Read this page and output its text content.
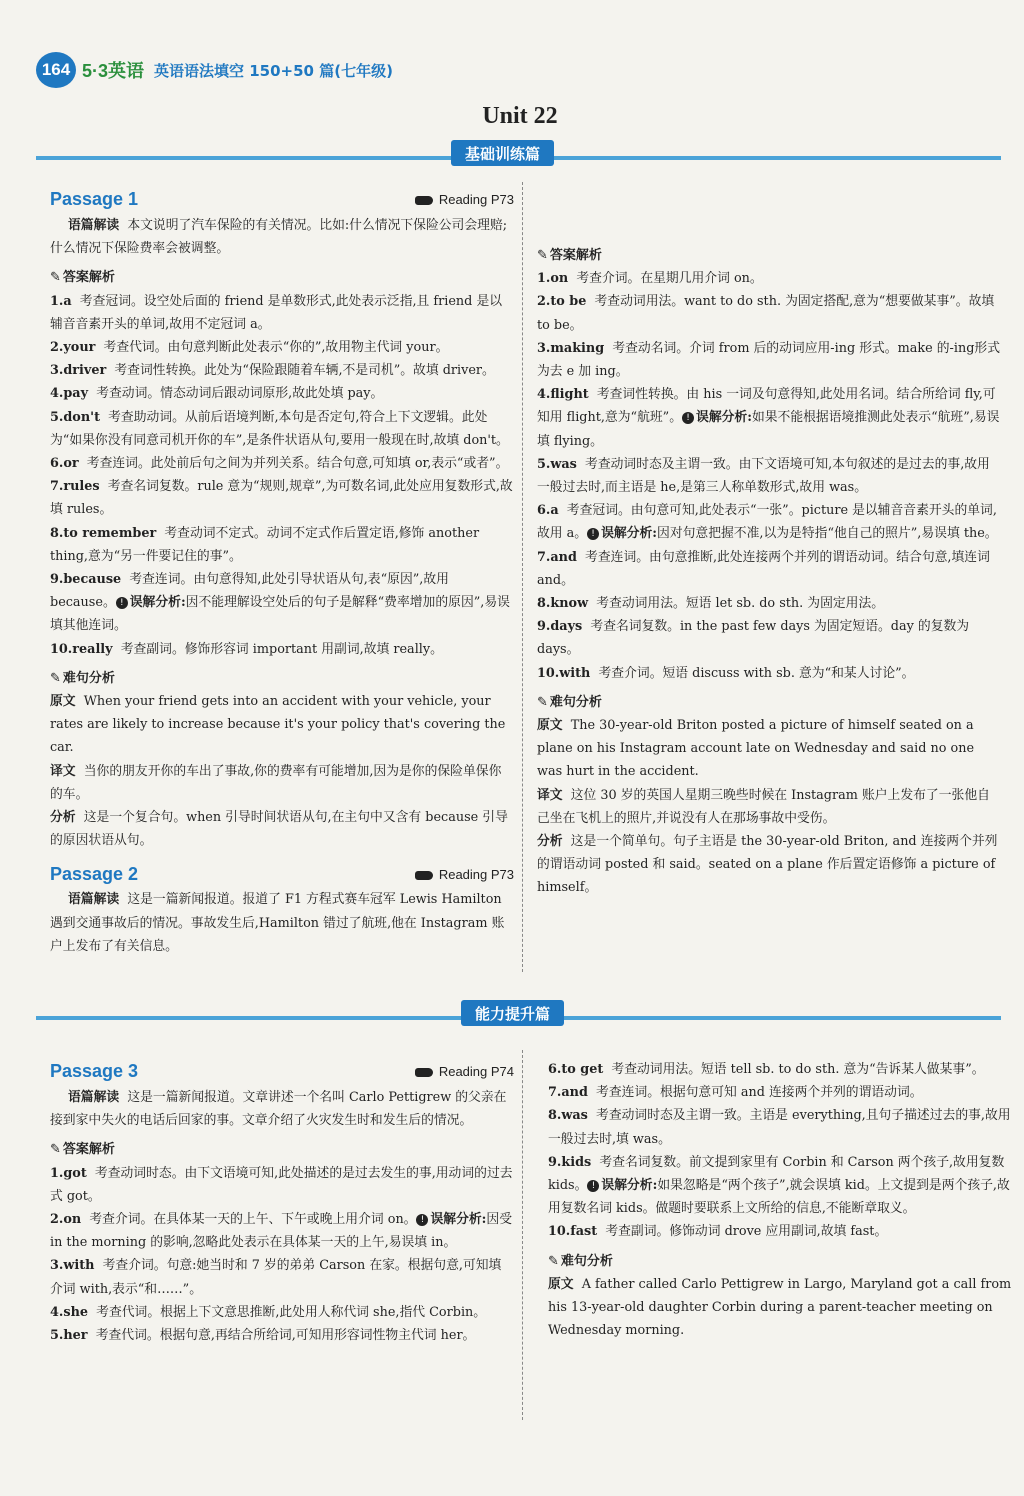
164 5·3英语 英语语法填空 150+50 篇(七年级)
Unit 22
基础训练篇
Passage 1	Reading P73

语篇解读 本文说明了汽车保险的有关情况。比如:什么情况下保险公司会理赔;什么情况下保险费率会被调整。

✎ 答案解析

1.a 考查冠词。设空处后面的 friend 是单数形式,此处表示泛指,且 friend 是以辅音音素开头的单词,故用不定冠词 a。

2.your 考查代词。由句意判断此处表示“你的”,故用物主代词 your。

3.driver 考查词性转换。此处为“保险跟随着车辆,不是司机”。故填 driver。

4.pay 考查动词。情态动词后跟动词原形,故此处填 pay。

5.don't 考查助动词。从前后语境判断,本句是否定句,符合上下文逻辑。此处为“如果你没有同意司机开你的车”,是条件状语从句,要用一般现在时,故填 don't。

6.or 考查连词。此处前后句之间为并列关系。结合句意,可知填 or,表示“或者”。

7.rules 考查名词复数。rule 意为“规则,规章”,为可数名词,此处应用复数形式,故填 rules。

8.to remember 考查动词不定式。动词不定式作后置定语,修饰 another thing,意为“另一件要记住的事”。

9.because 考查连词。由句意得知,此处引导状语从句,表“原因”,故用 because。 ! 误解分析:因不能理解设空处后的句子是解释“费率增加的原因”,易误填其他连词。

10.really 考查副词。修饰形容词 important 用副词,故填 really。

✎ 难句分析

原文 When your friend gets into an accident with your vehicle, your rates are likely to increase because it's your policy that's covering the car.

译文 当你的朋友开你的车出了事故,你的费率有可能增加,因为是你的保险单保你的车。

分析 这是一个复合句。when 引导时间状语从句,在主句中又含有 because 引导的原因状语从句。

Passage 2	Reading P73

语篇解读 这是一篇新闻报道。报道了 F1 方程式赛车冠军 Lewis Hamilton 遇到交通事故后的情况。事故发生后,Hamilton 错过了航班,他在 Instagram 账户上发布了有关信息。

✎ 答案解析

1.on 考查介词。在星期几用介词 on。

2.to be 考查动词用法。want to do sth. 为固定搭配,意为“想要做某事”。故填 to be。

3.making 考查动名词。介词 from 后的动词应用-ing 形式。make 的-ing形式为去 e 加 ing。

4.flight 考查词性转换。由 his 一词及句意得知,此处用名词。结合所给词 fly,可知用 flight,意为“航班”。 ! 误解分析:如果不能根据语境推测此处表示“航班”,易误填 flying。

5.was 考查动词时态及主谓一致。由下文语境可知,本句叙述的是过去的事,故用一般过去时,而主语是 he,是第三人称单数形式,故用 was。

6.a 考查冠词。由句意可知,此处表示“一张”。picture 是以辅音音素开头的单词,故用 a。 ! 误解分析:因对句意把握不准,以为是特指“他自己的照片”,易误填 the。

7.and 考查连词。由句意推断,此处连接两个并列的谓语动词。结合句意,填连词 and。

8.know 考查动词用法。短语 let sb. do sth. 为固定用法。

9.days 考查名词复数。in the past few days 为固定短语。day 的复数为 days。

10.with 考查介词。短语 discuss with sb. 意为“和某人讨论”。

✎ 难句分析

原文 The 30-year-old Briton posted a picture of himself seated on a plane on his Instagram account late on Wednesday and said no one was hurt in the accident.

译文 这位 30 岁的英国人星期三晚些时候在 Instagram 账户上发布了一张他自己坐在飞机上的照片,并说没有人在那场事故中受伤。

分析 这是一个简单句。句子主语是 the 30-year-old Briton, and 连接两个并列的谓语动词 posted 和 said。seated on a plane 作后置定语修饰 a picture of himself。

能力提升篇
Passage 3	Reading P74

语篇解读 这是一篇新闻报道。文章讲述一个名叫 Carlo Pettigrew 的父亲在接到家中失火的电话后回家的事。文章介绍了火灾发生时和发生后的情况。

✎ 答案解析

1.got 考查动词时态。由下文语境可知,此处描述的是过去发生的事,用动词的过去式 got。

2.on 考查介词。在具体某一天的上午、下午或晚上用介词 on。 ! 误解分析:因受 in the morning 的影响,忽略此处表示在具体某一天的上午,易误填 in。

3.with 考查介词。句意:她当时和 7 岁的弟弟 Carson 在家。根据句意,可知填介词 with,表示“和……”。

4.she 考查代词。根据上下文意思推断,此处用人称代词 she,指代 Corbin。

5.her 考查代词。根据句意,再结合所给词,可知用形容词性物主代词 her。

6.to get 考查动词用法。短语 tell sb. to do sth. 意为“告诉某人做某事”。

7.and 考查连词。根据句意可知 and 连接两个并列的谓语动词。

8.was 考查动词时态及主谓一致。主语是 everything,且句子描述过去的事,故用一般过去时,填 was。

9.kids 考查名词复数。前文提到家里有 Corbin 和 Carson 两个孩子,故用复数 kids。 ! 误解分析:如果忽略是“两个孩子”,就会误填 kid。上文提到是两个孩子,故用复数名词 kids。做题时要联系上文所给的信息,不能断章取义。

10.fast 考查副词。修饰动词 drove 应用副词,故填 fast。

✎ 难句分析

原文 A father called Carlo Pettigrew in Largo, Maryland got a call from his 13-year-old daughter Corbin during a parent-teacher meeting on Wednesday morning.
